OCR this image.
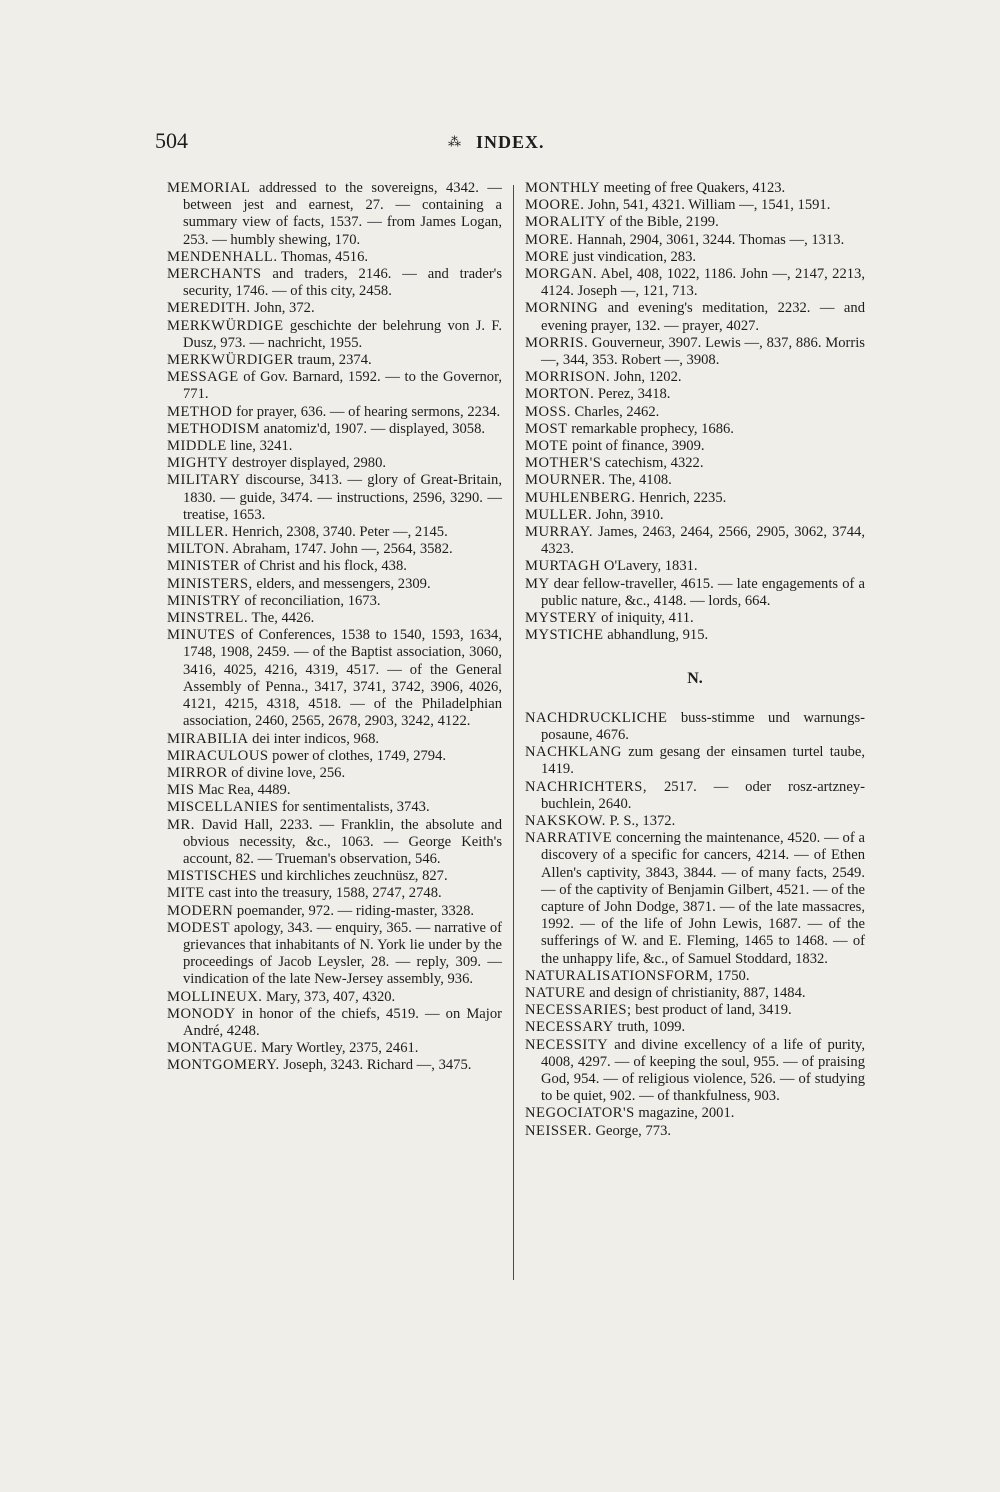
504	⁂ INDEX.
MEMORIAL addressed to the sovereigns, 4342. — between jest and earnest, 27. — containing a summary view of facts, 1537. — from James Logan, 253. — humbly shewing, 170.
MENDENHALL. Thomas, 4516.
MERCHANTS and traders, 2146. — and trader's security, 1746. — of this city, 2458.
MEREDITH. John, 372.
MERKWÜRDIGE geschichte der belehrung von J. F. Dusz, 973. — nachricht, 1955.
MERKWÜRDIGER traum, 2374.
MESSAGE of Gov. Barnard, 1592. — to the Governor, 771.
METHOD for prayer, 636. — of hearing sermons, 2234.
METHODISM anatomiz'd, 1907. — displayed, 3058.
MIDDLE line, 3241.
MIGHTY destroyer displayed, 2980.
MILITARY discourse, 3413. — glory of Great-Britain, 1830. — guide, 3474. — instructions, 2596, 3290. — treatise, 1653.
MILLER. Henrich, 2308, 3740. Peter —, 2145.
MILTON. Abraham, 1747. John —, 2564, 3582.
MINISTER of Christ and his flock, 438.
MINISTERS, elders, and messengers, 2309.
MINISTRY of reconciliation, 1673.
MINSTREL. The, 4426.
MINUTES of Conferences, 1538 to 1540, 1593, 1634, 1748, 1908, 2459. — of the Baptist association, 3060, 3416, 4025, 4216, 4319, 4517. — of the General Assembly of Penna., 3417, 3741, 3742, 3906, 4026, 4121, 4215, 4318, 4518. — of the Philadelphian association, 2460, 2565, 2678, 2903, 3242, 4122.
MIRABILIA dei inter indicos, 968.
MIRACULOUS power of clothes, 1749, 2794.
MIRROR of divine love, 256.
MIS Mac Rea, 4489.
MISCELLANIES for sentimentalists, 3743.
MR. David Hall, 2233. — Franklin, the absolute and obvious necessity, &c., 1063. — George Keith's account, 82. — Trueman's observation, 546.
MISTISCHES und kirchliches zeuchnüsz, 827.
MITE cast into the treasury, 1588, 2747, 2748.
MODERN poemander, 972. — riding-master, 3328.
MODEST apology, 343. — enquiry, 365. — narrative of grievances that inhabitants of N. York lie under by the proceedings of Jacob Leysler, 28. — reply, 309. — vindication of the late New-Jersey assembly, 936.
MOLLINEUX. Mary, 373, 407, 4320.
MONODY in honor of the chiefs, 4519. — on Major André, 4248.
MONTAGUE. Mary Wortley, 2375, 2461.
MONTGOMERY. Joseph, 3243. Richard —, 3475.
MONTHLY meeting of free Quakers, 4123.
MOORE. John, 541, 4321. William —, 1541, 1591.
MORALITY of the Bible, 2199.
MORE. Hannah, 2904, 3061, 3244. Thomas —, 1313.
MORE just vindication, 283.
MORGAN. Abel, 408, 1022, 1186. John —, 2147, 2213, 4124. Joseph —, 121, 713.
MORNING and evening's meditation, 2232. — and evening prayer, 132. — prayer, 4027.
MORRIS. Gouverneur, 3907. Lewis —, 837, 886. Morris —, 344, 353. Robert —, 3908.
MORRISON. John, 1202.
MORTON. Perez, 3418.
MOSS. Charles, 2462.
MOST remarkable prophecy, 1686.
MOTE point of finance, 3909.
MOTHER'S catechism, 4322.
MOURNER. The, 4108.
MUHLENBERG. Henrich, 2235.
MULLER. John, 3910.
MURRAY. James, 2463, 2464, 2566, 2905, 3062, 3744, 4323.
MURTAGH O'Lavery, 1831.
MY dear fellow-traveller, 4615. — late engagements of a public nature, &c., 4148. — lords, 664.
MYSTERY of iniquity, 411.
MYSTICHE abhandlung, 915.
N.
NACHDRUCKLICHE buss-stimme und warnungs-posaune, 4676.
NACHKLANG zum gesang der einsamen turtel taube, 1419.
NACHRICHTERS, 2517. — oder rosz-artzney-buchlein, 2640.
NAKSKOW. P. S., 1372.
NARRATIVE concerning the maintenance, 4520. — of a discovery of a specific for cancers, 4214. — of Ethen Allen's captivity, 3843, 3844. — of many facts, 2549. — of the captivity of Benjamin Gilbert, 4521. — of the capture of John Dodge, 3871. — of the late massacres, 1992. — of the life of John Lewis, 1687. — of the sufferings of W. and E. Fleming, 1465 to 1468. — of the unhappy life, &c., of Samuel Stoddard, 1832.
NATURALISATIONSFORM, 1750.
NATURE and design of christianity, 887, 1484.
NECESSARIES; best product of land, 3419.
NECESSARY truth, 1099.
NECESSITY and divine excellency of a life of purity, 4008, 4297. — of keeping the soul, 955. — of praising God, 954. — of religious violence, 526. — of studying to be quiet, 902. — of thankfulness, 903.
NEGOCIATOR'S magazine, 2001.
NEISSER. George, 773.
